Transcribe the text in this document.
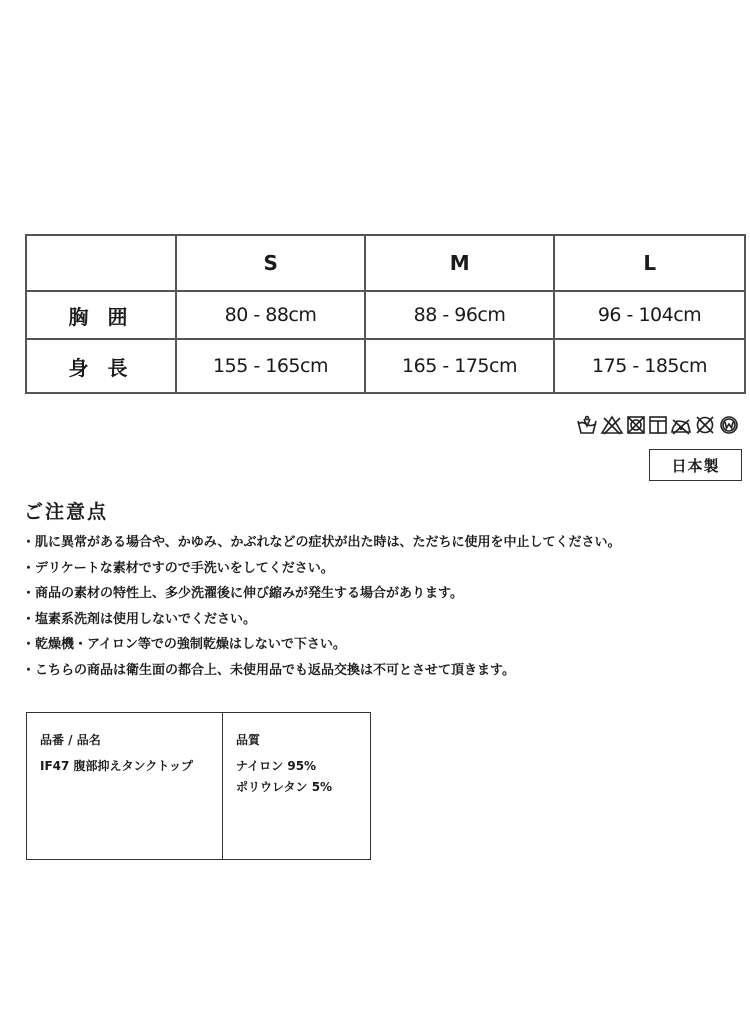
	S	M	L
胸 囲	80 - 88cm	88 - 96cm	96 - 104cm
身 長	155 - 165cm	165 - 175cm	175 - 185cm
日本製
ご注意点
・肌に異常がある場合や、かゆみ、かぶれなどの症状が出た時は、ただちに使用を中止してください。
・デリケートな素材ですので手洗いをしてください。
・商品の素材の特性上、多少洗濯後に伸び縮みが発生する場合があります。
・塩素系洗剤は使用しないでください。
・乾燥機・アイロン等での強制乾燥はしないで下さい。
・こちらの商品は衛生面の都合上、未使用品でも返品交換は不可とさせて頂きます。
品番 / 品名
IF47 腹部抑えタンクトップ

品質
ナイロン 95%
ポリウレタン 5%
